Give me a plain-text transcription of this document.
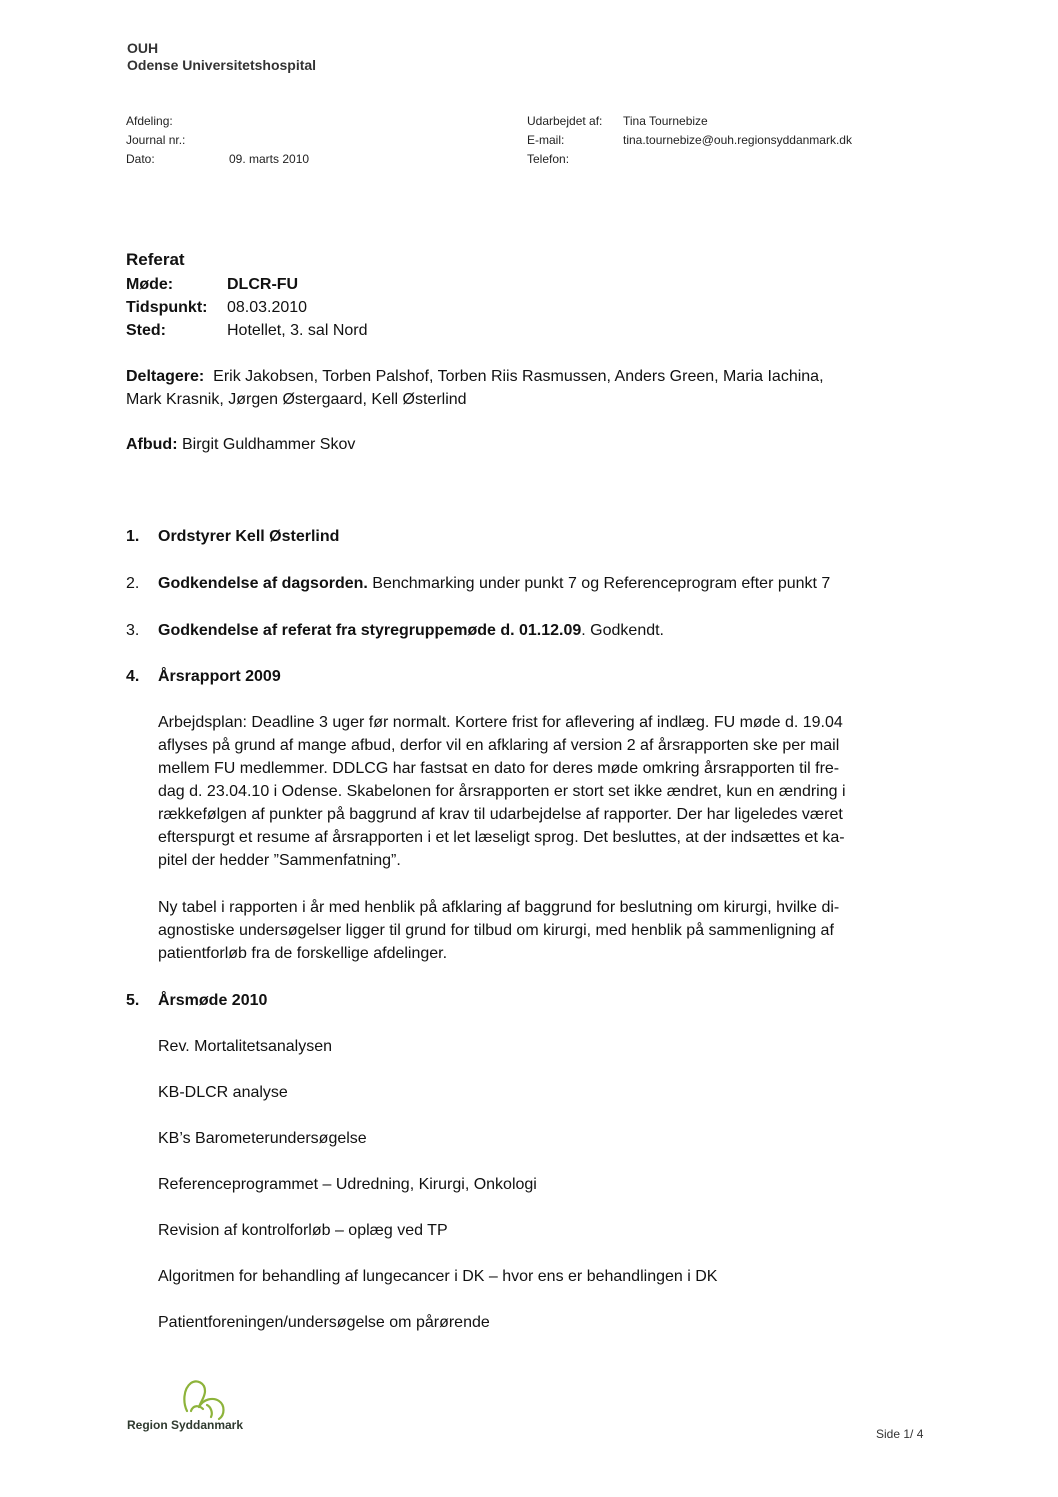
OUH
Odense Universitetshospital
Afdeling:
Journal nr.:
Dato:	09. marts 2010
Udarbejdet af:	Tina Tournebize
E-mail:	tina.tournebize@ouh.regionsyddanmark.dk
Telefon:
Referat
Møde:	DLCR-FU
Tidspunkt:	08.03.2010
Sted:	Hotellet, 3. sal Nord
Deltagere: Erik Jakobsen, Torben Palshof, Torben Riis Rasmussen, Anders Green, Maria Iachina,
Mark Krasnik, Jørgen Østergaard, Kell Østerlind
Afbud: Birgit Guldhammer Skov
1.	Ordstyrer Kell Østerlind
2.	Godkendelse af dagsorden. Benchmarking under punkt 7 og Referenceprogram efter punkt 7
3.	Godkendelse af referat fra styregruppemøde d. 01.12.09. Godkendt.
4.	Årsrapport 2009
Arbejdsplan: Deadline 3 uger før normalt. Kortere frist for aflevering af indlæg. FU møde d. 19.04
aflyses på grund af mange afbud, derfor vil en afklaring af version 2 af årsrapporten ske per mail
mellem FU medlemmer. DDLCG har fastsat en dato for deres møde omkring årsrapporten til fre-
dag d. 23.04.10 i Odense. Skabelonen for årsrapporten er stort set ikke ændret, kun en ændring i
rækkefølgen af punkter på baggrund af krav til udarbejdelse af rapporter. Der har ligeledes været
efterspurgt et resume af årsrapporten i et let læseligt sprog. Det besluttes, at der indsættes et ka-
pitel der hedder ”Sammenfatning”.
Ny tabel i rapporten i år med henblik på afklaring af baggrund for beslutning om kirurgi, hvilke di-
agnostiske undersøgelser ligger til grund for tilbud om kirurgi, med henblik på sammenligning af
patientforløb fra de forskellige afdelinger.
5.	Årsmøde 2010
Rev. Mortalitetsanalysen
KB-DLCR analyse
KB’s Barometerundersøgelse
Referenceprogrammet – Udredning, Kirurgi, Onkologi
Revision af kontrolforløb – oplæg ved TP
Algoritmen for behandling af lungecancer i DK – hvor ens er behandlingen i DK
Patientforeningen/undersøgelse om pårørende
Region Syddanmark
Side 1/ 4
